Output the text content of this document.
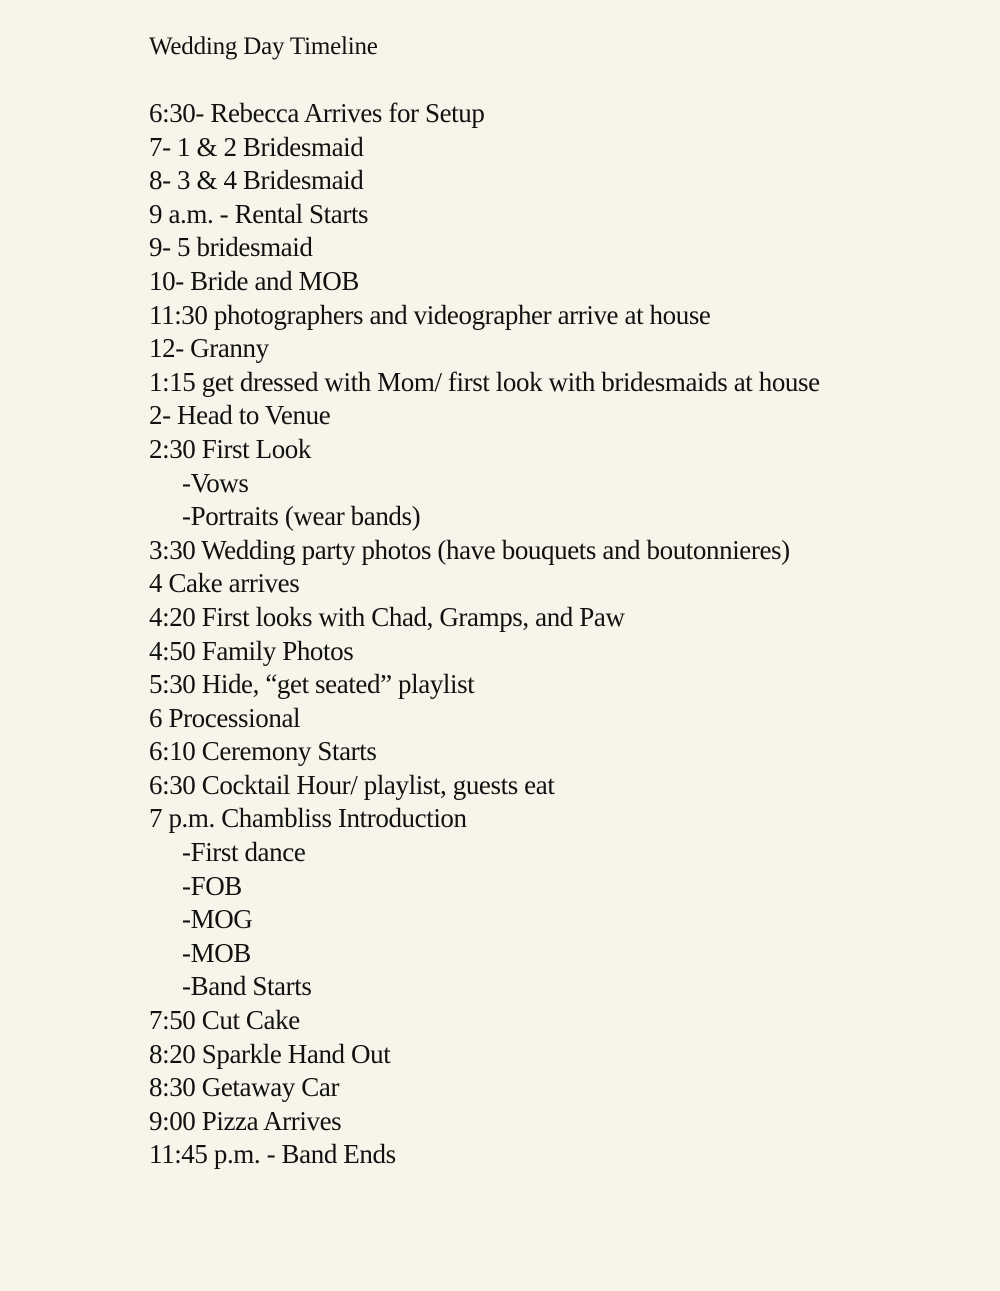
Wedding Day Timeline
6:30- Rebecca Arrives for Setup
7- 1 & 2 Bridesmaid
8- 3 & 4 Bridesmaid
9 a.m. - Rental Starts
9- 5 bridesmaid
10- Bride and MOB
11:30 photographers and videographer arrive at house
12- Granny
1:15 get dressed with Mom/ first look with bridesmaids at house
2- Head to Venue
2:30 First Look
-Vows
-Portraits (wear bands)
3:30 Wedding party photos (have bouquets and boutonnieres)
4 Cake arrives
4:20 First looks with Chad, Gramps, and Paw
4:50 Family Photos
5:30 Hide, “get seated” playlist
6 Processional
6:10 Ceremony Starts
6:30 Cocktail Hour/ playlist, guests eat
7 p.m. Chambliss Introduction
-First dance
-FOB
-MOG
-MOB
-Band Starts
7:50 Cut Cake
8:20 Sparkle Hand Out
8:30 Getaway Car
9:00 Pizza Arrives
11:45 p.m. - Band Ends
